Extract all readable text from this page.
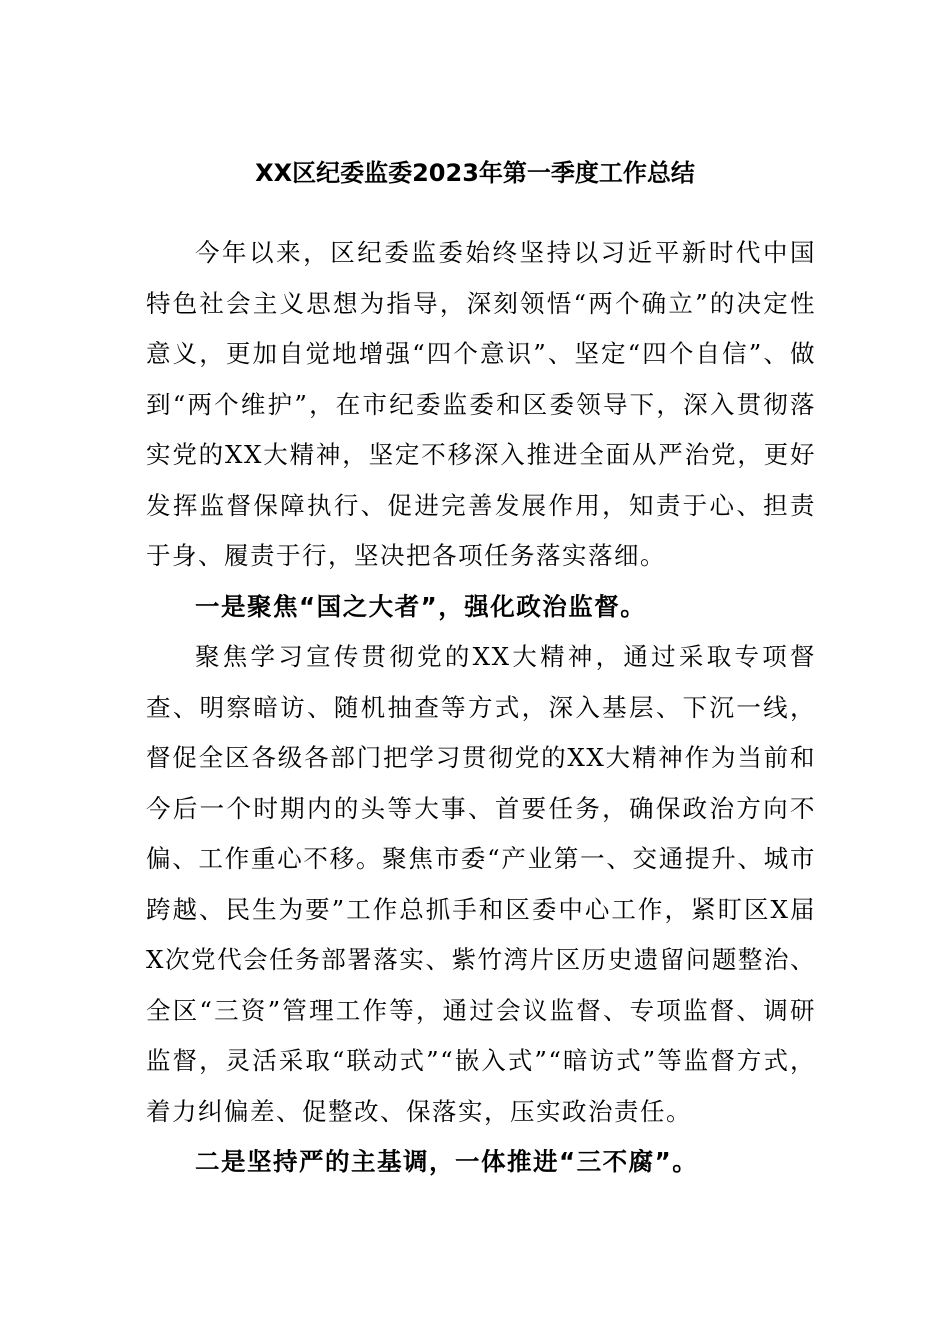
XX区纪委监委2023年第一季度工作总结

今年以来，区纪委监委始终坚持以习近平新时代中国特色社会主义思想为指导，深刻领悟“两个确立”的决定性意义，更加自觉地增强“四个意识”、坚定“四个自信”、做到“两个维护”，在市纪委监委和区委领导下，深入贯彻落实党的XX大精神，坚定不移深入推进全面从严治党，更好发挥监督保障执行、促进完善发展作用，知责于心、担责于身、履责于行，坚决把各项任务落实落细。

一是聚焦“国之大者”，强化政治监督。

聚焦学习宣传贯彻党的XX大精神，通过采取专项督查、明察暗访、随机抽查等方式，深入基层、下沉一线，督促全区各级各部门把学习贯彻党的XX大精神作为当前和今后一个时期内的头等大事、首要任务，确保政治方向不偏、工作重心不移。聚焦市委“产业第一、交通提升、城市跨越、民生为要”工作总抓手和区委中心工作，紧盯区X届X次党代会任务部署落实、紫竹湾片区历史遗留问题整治、全区“三资”管理工作等，通过会议监督、专项监督、调研监督，灵活采取“联动式”“嵌入式”“暗访式”等监督方式，着力纠偏差、促整改、保落实，压实政治责任。

二是坚持严的主基调，一体推进“三不腐”。
